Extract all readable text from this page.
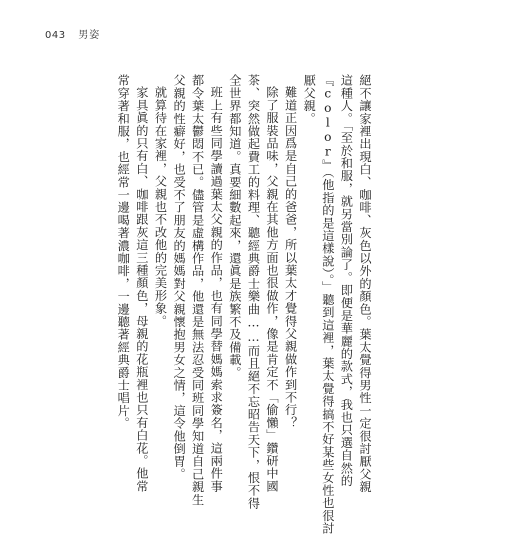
043 男姿

絕不讓家裡出現白、咖啡、灰色以外的顏色。葉太覺得男性一定很討厭父親
這種人。「至於和服，就另當別論了。即便是華麗的款式，我也只選自然的
『color』（他指的是這樣說）。」聽到這裡，葉太覺得搞不好某些女性也很討
厭父親。

難道正因爲是自己的爸爸，所以葉太才覺得父親做作到不行？

除了服裝品味，父親在其他方面也很做作，像是肯定不「偷懶」鑽研中國
茶、突然做起費工的料理、聽經典爵士樂曲……而且絕不忘昭告天下，恨不得
全世界都知道。真要細數起來，還眞是族繁不及備載。

班上有些同學讀過葉太父親的作品，也有同學替媽媽索求簽名，這兩件事
都令葉太鬱悶不已。儘管是虛構作品，他還是無法忍受同班同學知道自己親生
父親的性癖好，也受不了朋友的媽媽對父親懷抱男女之情，這令他倒胃。

就算待在家裡，父親也不改他的完美形象。

家具眞的只有白、咖啡跟灰這三種顏色，母親的花瓶裡也只有白花。他常
常穿著和服，也經常一邊喝著濃咖啡，一邊聽著經典爵士唱片。
